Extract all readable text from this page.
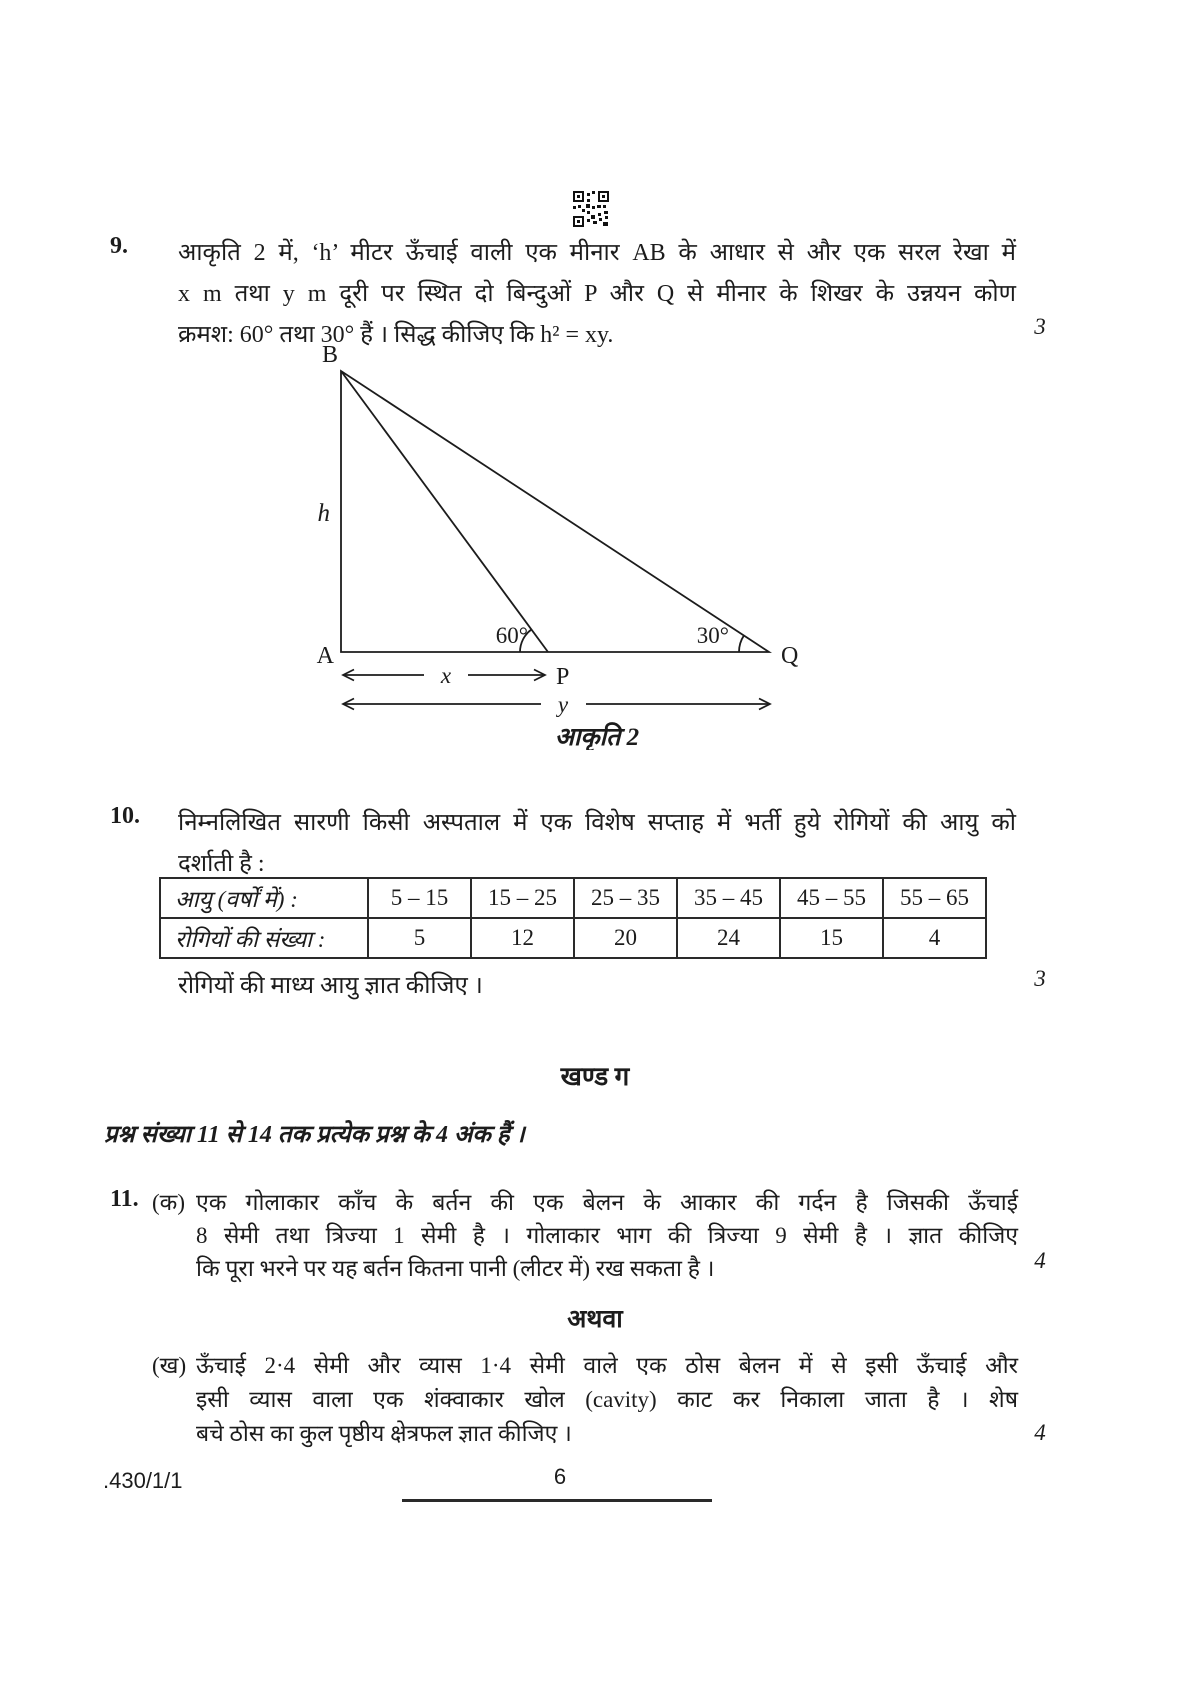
9. आकृति 2 में, ‘h’ मीटर ऊँचाई वाली एक मीनार AB के आधार से और एक सरल रेखा में
x m तथा y m दूरी पर स्थित दो बिन्दुओं P और Q से मीनार के शिखर के उन्नयन कोण
क्रमश: 60° तथा 30° हैं । सिद्ध कीजिए कि h² = xy.	3
B
h
A
60°	30°
Q
P
x
y
आकृति 2
10. निम्नलिखित सारणी किसी अस्पताल में एक विशेष सप्ताह में भर्ती हुये रोगियों की आयु को
दर्शाती है :
आयु (वर्षों में) :	5 – 15	15 – 25	25 – 35	35 – 45	45 – 55	55 – 65
रोगियों की संख्या :	5	12	20	24	15	4
रोगियों की माध्य आयु ज्ञात कीजिए ।	3
खण्ड ग
प्रश्न संख्या 11 से 14 तक प्रत्येक प्रश्न के 4 अंक हैं ।
11. (क) एक गोलाकार काँच के बर्तन की एक बेलन के आकार की गर्दन है जिसकी ऊँचाई
8 सेमी तथा त्रिज्या 1 सेमी है । गोलाकार भाग की त्रिज्या 9 सेमी है । ज्ञात कीजिए
कि पूरा भरने पर यह बर्तन कितना पानी (लीटर में) रख सकता है ।	4
अथवा
(ख) ऊँचाई 2·4 सेमी और व्यास 1·4 सेमी वाले एक ठोस बेलन में से इसी ऊँचाई और
इसी व्यास वाला एक शंक्वाकार खोल (cavity) काट कर निकाला जाता है । शेष
बचे ठोस का कुल पृष्ठीय क्षेत्रफल ज्ञात कीजिए ।	4
.430/1/1	6
